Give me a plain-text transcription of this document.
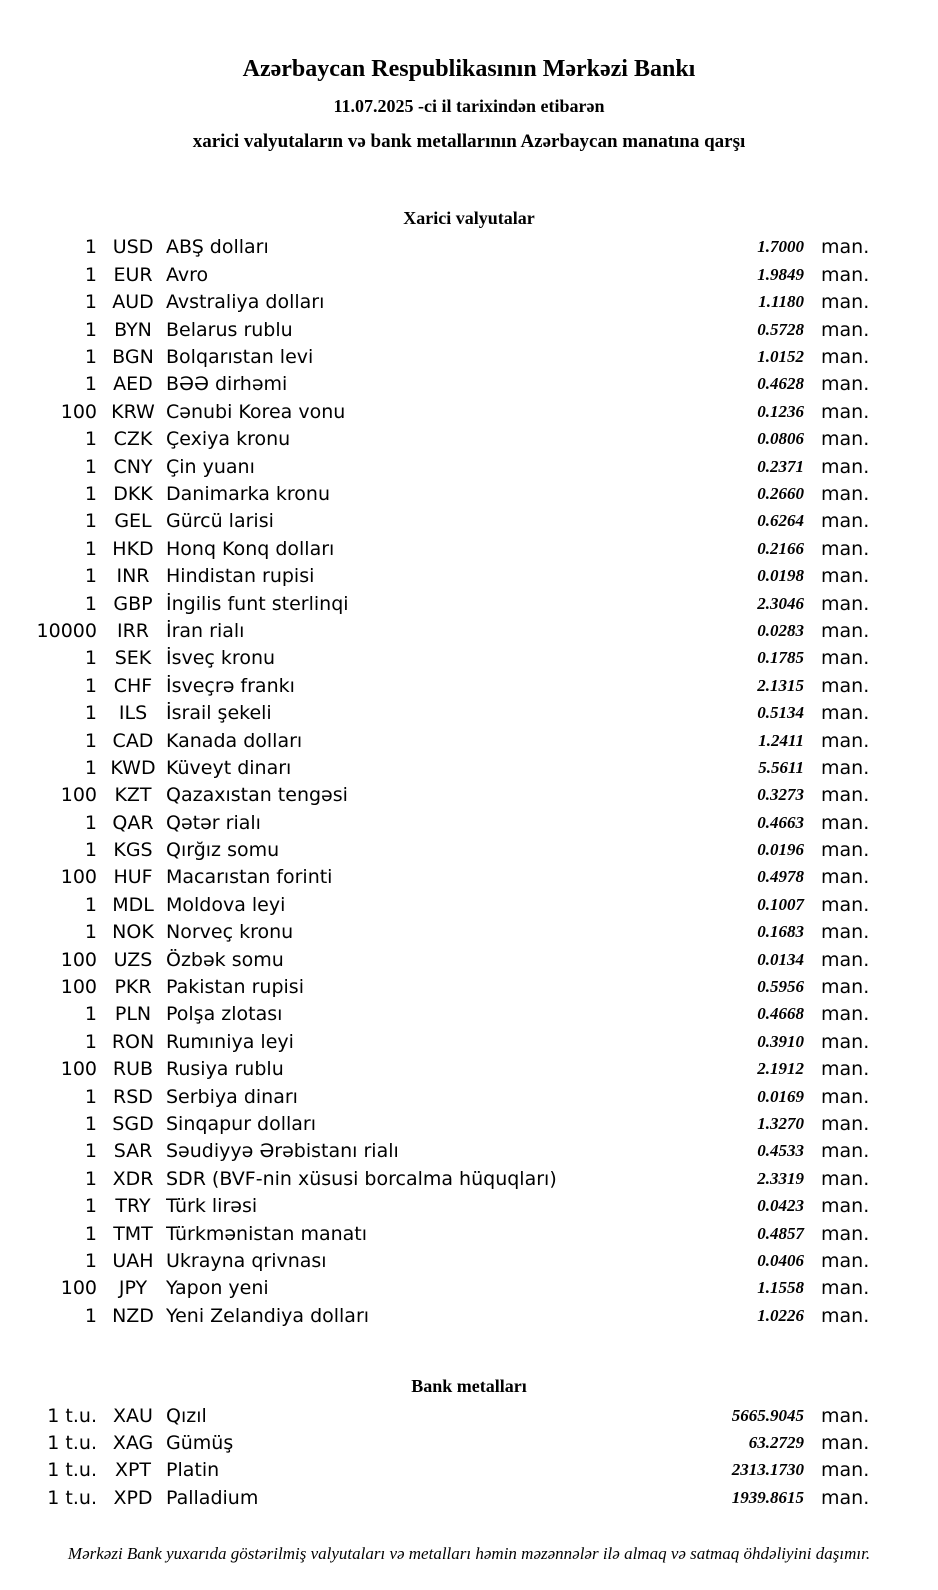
Azərbaycan Respublikasının Mərkəzi Bankı
11.07.2025 -ci il tarixindən etibarən
xarici valyutaların və bank metallarının Azərbaycan manatına qarşı
Xarici valyutalar
1 USD ABŞ dolları	1.7000 man.
1 EUR Avro	1.9849 man.
1 AUD Avstraliya dolları	1.1180 man.
1 BYN Belarus rublu	0.5728 man.
1 BGN Bolqarıstan levi	1.0152 man.
1 AED BƏƏ dirhəmi	0.4628 man.
100 KRW Cənubi Korea vonu	0.1236 man.
1 CZK Çexiya kronu	0.0806 man.
1 CNY Çin yuanı	0.2371 man.
1 DKK Danimarka kronu	0.2660 man.
1 GEL Gürcü larisi	0.6264 man.
1 HKD Honq Konq dolları	0.2166 man.
1	INR Hindistan rupisi	0.0198 man.
1 GBP İngilis funt sterlinqi	2.3046 man.
10000	IRR İran rialı	0.0283 man.
1 SEK İsveç kronu	0.1785 man.
1 CHF İsveçrə frankı	2.1315 man.
1	ILS İsrail şekeli	0.5134 man.
1 CAD Kanada dolları	1.2411 man.
1 KWD Küveyt dinarı	5.5611 man.
100 KZT Qazaxıstan tengəsi	0.3273 man.
1 QAR Qətər rialı	0.4663 man.
1 KGS Qırğız somu	0.0196 man.
100 HUF Macarıstan forinti	0.4978 man.
1 MDL Moldova leyi	0.1007 man.
1 NOK Norveç kronu	0.1683 man.
100 UZS Özbək somu	0.0134 man.
100 PKR Pakistan rupisi	0.5956 man.
1 PLN Polşa zlotası	0.4668 man.
1 RON Rumıniya leyi	0.3910 man.
100 RUB Rusiya rublu	2.1912 man.
1 RSD Serbiya dinarı	0.0169 man.
1 SGD Sinqapur dolları	1.3270 man.
1 SAR Səudiyyə Ərəbistanı rialı	0.4533 man.
1 XDR SDR (BVF-nin xüsusi borcalma hüquqları)	2.3319 man.
1 TRY Türk lirəsi	0.0423 man.
1 TMT Türkmənistan manatı	0.4857 man.
1 UAH Ukrayna qrivnası	0.0406 man.
100	JPY Yapon yeni	1.1558 man.
1 NZD Yeni Zelandiya dolları	1.0226 man.
Bank metalları
1 t.u. XAU Qızıl	5665.9045 man.
1 t.u. XAG Gümüş	63.2729 man.
1 t.u. XPT Platin	2313.1730 man.
1 t.u. XPD Palladium	1939.8615 man.
Mərkəzi Bank yuxarıda göstərilmiş valyutaları və metalları həmin məzənnələr ilə almaq və satmaq öhdəliyini daşımır.
